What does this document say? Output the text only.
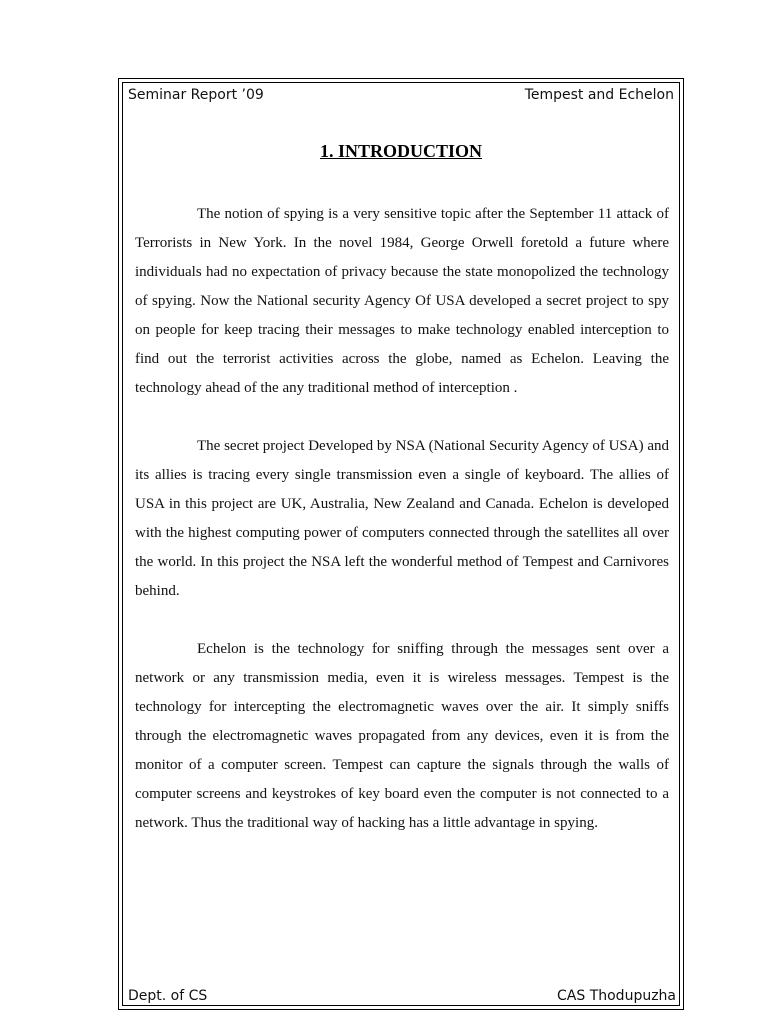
Seminar Report ’09	Tempest and Echelon
1. INTRODUCTION

The notion of spying is a very sensitive topic after the September 11 attack of Terrorists in New York. In the novel 1984, George Orwell foretold a future where individuals had no expectation of privacy because the state monopolized the technology of spying. Now the National security Agency Of USA developed a secret project to spy on people for keep tracing their messages to make technology enabled interception to find out the terrorist activities across the globe, named as Echelon. Leaving the technology ahead of the any traditional method of interception .

The secret project Developed by NSA (National Security Agency of USA) and its allies is tracing every single transmission even a single of keyboard. The allies of USA in this project are UK, Australia, New Zealand and Canada. Echelon is developed with the highest computing power of computers connected through the satellites all over the world. In this project the NSA left the wonderful method of Tempest and Carnivores behind.

Echelon is the technology for sniffing through the messages sent over a network or any transmission media, even it is wireless messages. Tempest is the technology for intercepting the electromagnetic waves over the air. It simply sniffs through the electromagnetic waves propagated from any devices, even it is from the monitor of a computer screen. Tempest can capture the signals through the walls of computer screens and keystrokes of key board even the computer is not connected to a network. Thus the traditional way of hacking has a little advantage in spying.

Dept. of CS	CAS Thodupuzha
